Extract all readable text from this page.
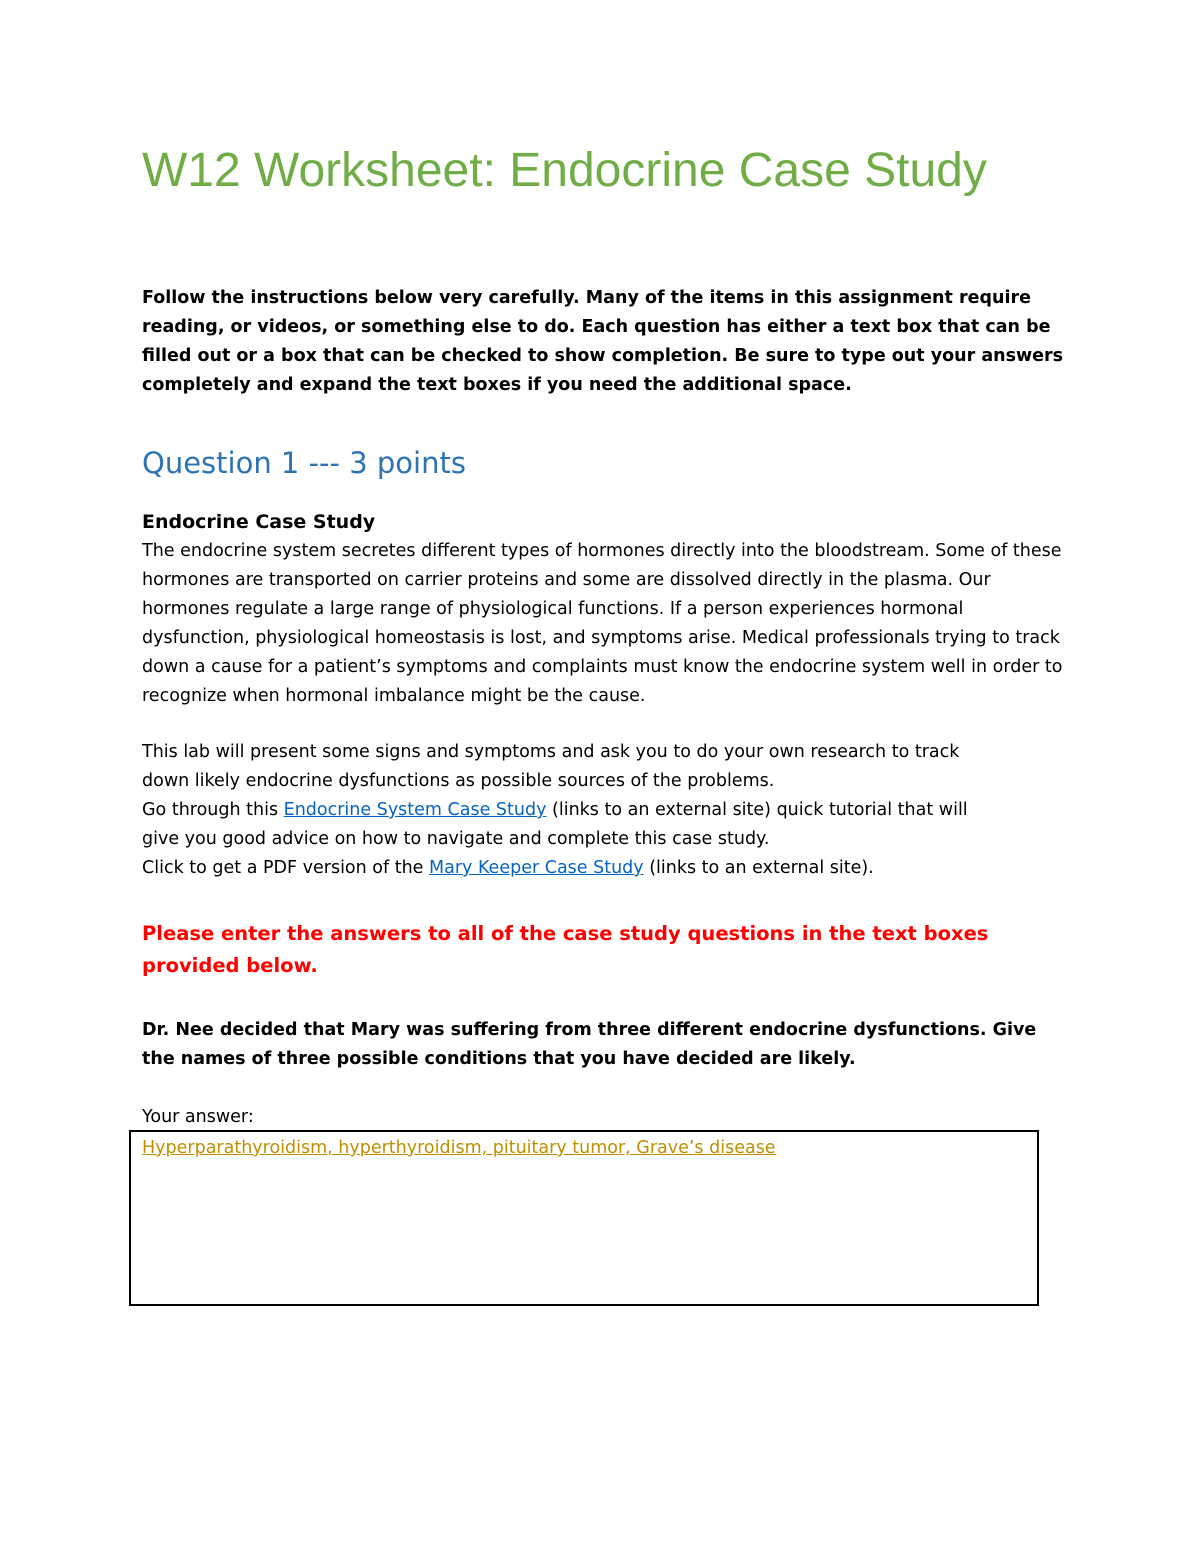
W12 Worksheet: Endocrine Case Study

Follow the instructions below very carefully. Many of the items in this assignment require reading, or videos, or something else to do. Each question has either a text box that can be filled out or a box that can be checked to show completion. Be sure to type out your answers completely and expand the text boxes if you need the additional space.

Question 1 --- 3 points
Endocrine Case Study

The endocrine system secretes different types of hormones directly into the bloodstream. Some of these hormones are transported on carrier proteins and some are dissolved directly in the plasma. Our hormones regulate a large range of physiological functions. If a person experiences hormonal dysfunction, physiological homeostasis is lost, and symptoms arise. Medical professionals trying to track down a cause for a patient’s symptoms and complaints must know the endocrine system well in order to recognize when hormonal imbalance might be the cause.

This lab will present some signs and symptoms and ask you to do your own research to track
down likely endocrine dysfunctions as possible sources of the problems.
Go through this Endocrine System Case Study (links to an external site) quick tutorial that will
give you good advice on how to navigate and complete this case study.
Click to get a PDF version of the Mary Keeper Case Study (links to an external site).

Please enter the answers to all of the case study questions in the text boxes provided below.

Dr. Nee decided that Mary was suffering from three different endocrine dysfunctions. Give the names of three possible conditions that you have decided are likely.

Your answer:

Hyperparathyroidism, hyperthyroidism, pituitary tumor, Grave’s disease
